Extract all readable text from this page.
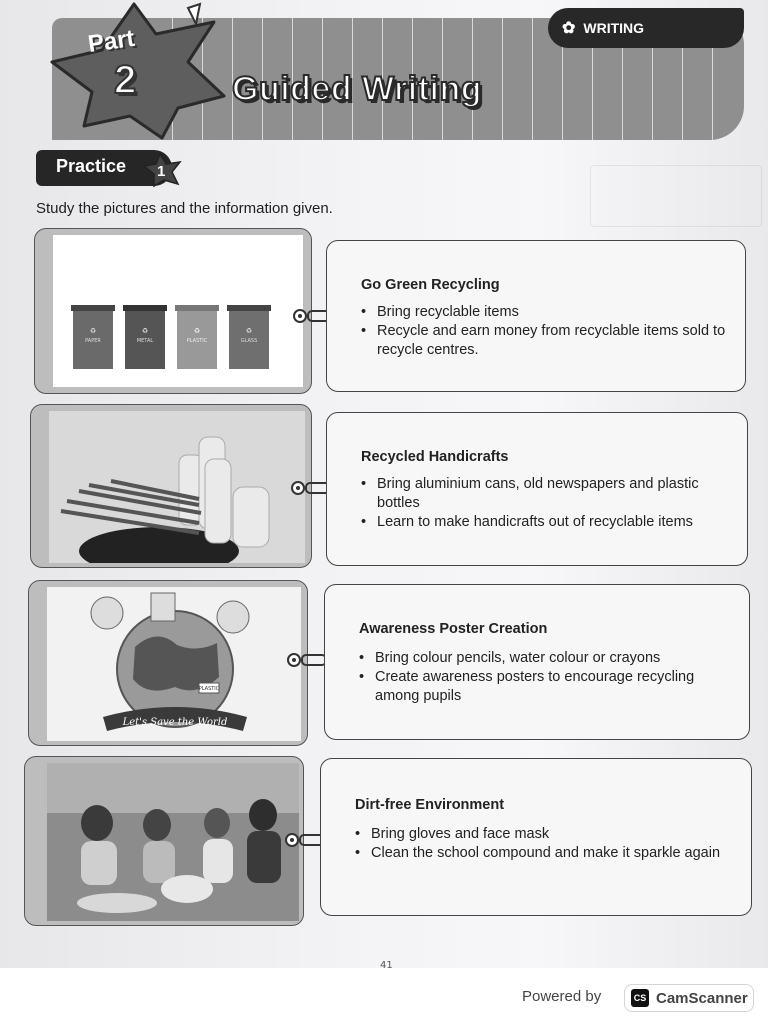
✿ WRITING
Part
2	Guided Writing
Practice 1
Study the pictures and the information given.
PAPER
♻
METAL
♻
PLASTIC
♻
GLASS
♻
Go Green Recycling
• Bring recyclable items
• Recycle and earn money from recyclable items sold to recycle centres.
Recycled Handicrafts
• Bring aluminium cans, old newspapers and plastic bottles
• Learn to make handicrafts out of recyclable items
PLASTIC
Let's Save the World
Awareness Poster Creation
• Bring colour pencils, water colour or crayons
• Create awareness posters to encourage recycling among pupils
Dirt-free Environment
• Bring gloves and face mask
• Clean the school compound and make it sparkle again
41
Powered by	CS CamScanner
